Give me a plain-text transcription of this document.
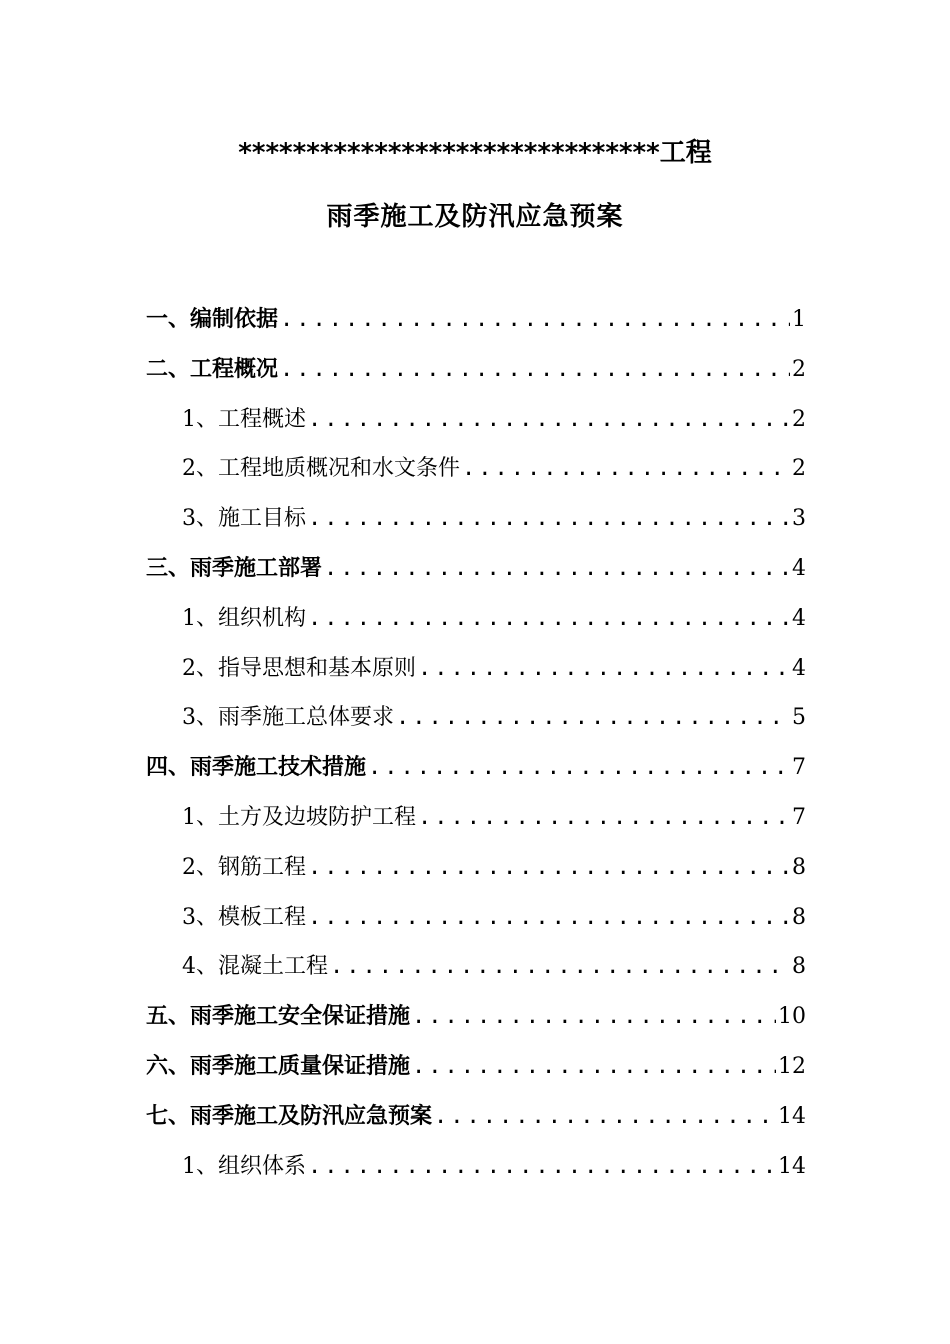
*******************************工程
雨季施工及防汛应急预案
一、编制依据 .....	1
二、工程概况 .....	2
1、工程概述 .....	2
2、工程地质概况和水文条件 .....	2
3、施工目标 .....	3
三、雨季施工部署 .....	4
1、组织机构 .....	4
2、指导思想和基本原则 .....	4
3、雨季施工总体要求 .....	5
四、雨季施工技术措施 .....	7
1、土方及边坡防护工程 .....	7
2、钢筋工程 .....	8
3、模板工程 .....	8
4、混凝土工程 .....	8
五、雨季施工安全保证措施 .....	10
六、雨季施工质量保证措施 .....	12
七、雨季施工及防汛应急预案 .....	14
1、组织体系 .....	14
